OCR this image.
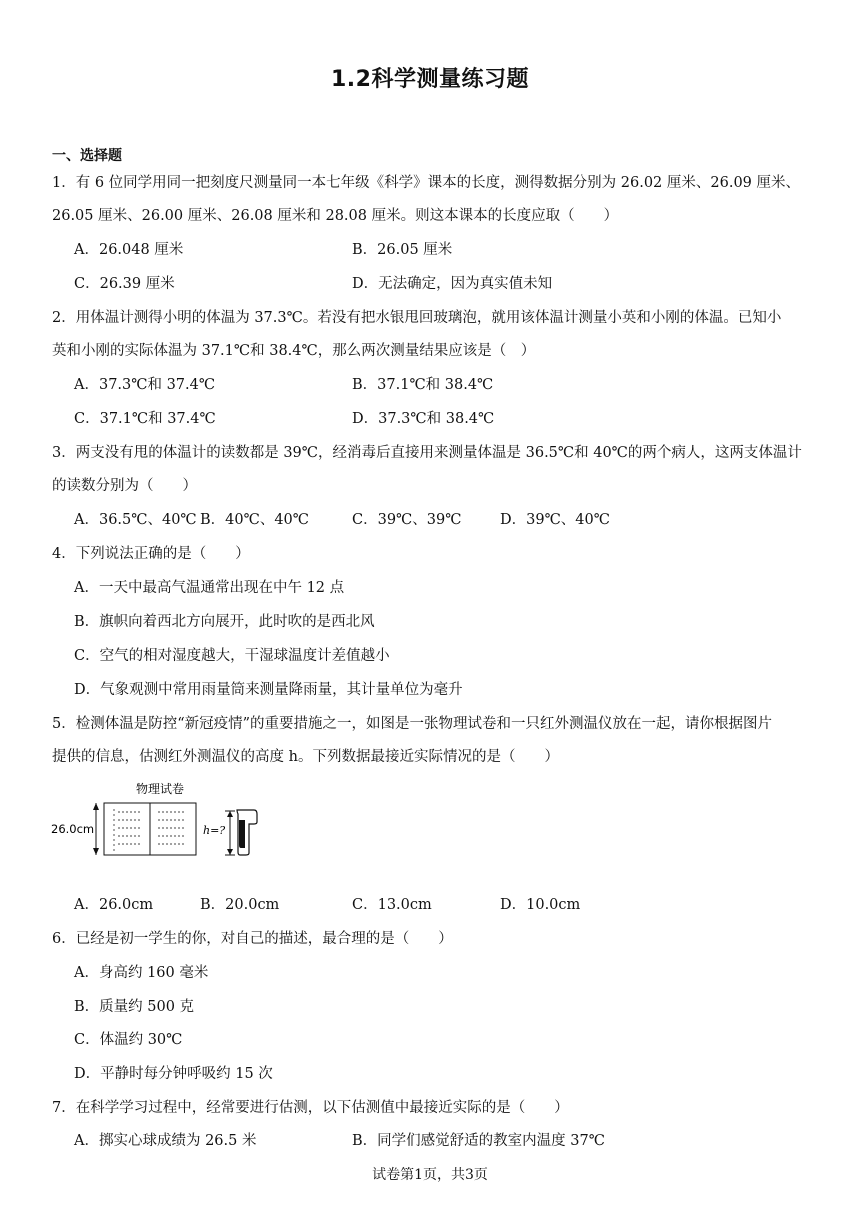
1.2科学测量练习题
一、选择题
1．有 6 位同学用同一把刻度尺测量同一本七年级《科学》课本的长度，测得数据分别为 26.02 厘米、26.09 厘米、
26.05 厘米、26.00 厘米、26.08 厘米和 28.08 厘米。则这本课本的长度应取（　　）
A．26.048 厘米	B．26.05 厘米
C．26.39 厘米	D．无法确定，因为真实值未知
2．用体温计测得小明的体温为 37.3℃。若没有把水银甩回玻璃泡，就用该体温计测量小英和小刚的体温。已知小
英和小刚的实际体温为 37.1℃和 38.4℃，那么两次测量结果应该是（　）
A．37.3℃和 37.4℃	B．37.1℃和 38.4℃
C．37.1℃和 37.4℃	D．37.3℃和 38.4℃
3．两支没有甩的体温计的读数都是 39℃，经消毒后直接用来测量体温是 36.5℃和 40℃的两个病人，这两支体温计
的读数分别为（　　）
A．36.5℃、40℃ B．40℃、40℃	C．39℃、39℃	D．39℃、40℃
4．下列说法正确的是（　　）
A．一天中最高气温通常出现在中午 12 点
B．旗帜向着西北方向展开，此时吹的是西北风
C．空气的相对湿度越大，干湿球温度计差值越小
D．气象观测中常用雨量筒来测量降雨量，其计量单位为毫升
5．检测体温是防控“新冠疫情”的重要措施之一，如图是一张物理试卷和一只红外测温仪放在一起，请你根据图片
提供的信息，估测红外测温仪的高度 h。下列数据最接近实际情况的是（　　）
物理试卷
26.0cm	h=?
A．26.0cm	B．20.0cm	C．13.0cm	D．10.0cm
6．已经是初一学生的你，对自己的描述，最合理的是（　　）
A．身高约 160 毫米
B．质量约 500 克
C．体温约 30℃
D．平静时每分钟呼吸约 15 次
7．在科学学习过程中，经常要进行估测，以下估测值中最接近实际的是（　　）
A．掷实心球成绩为 26.5 米	B．同学们感觉舒适的教室内温度 37℃
试卷第1页，共3页
